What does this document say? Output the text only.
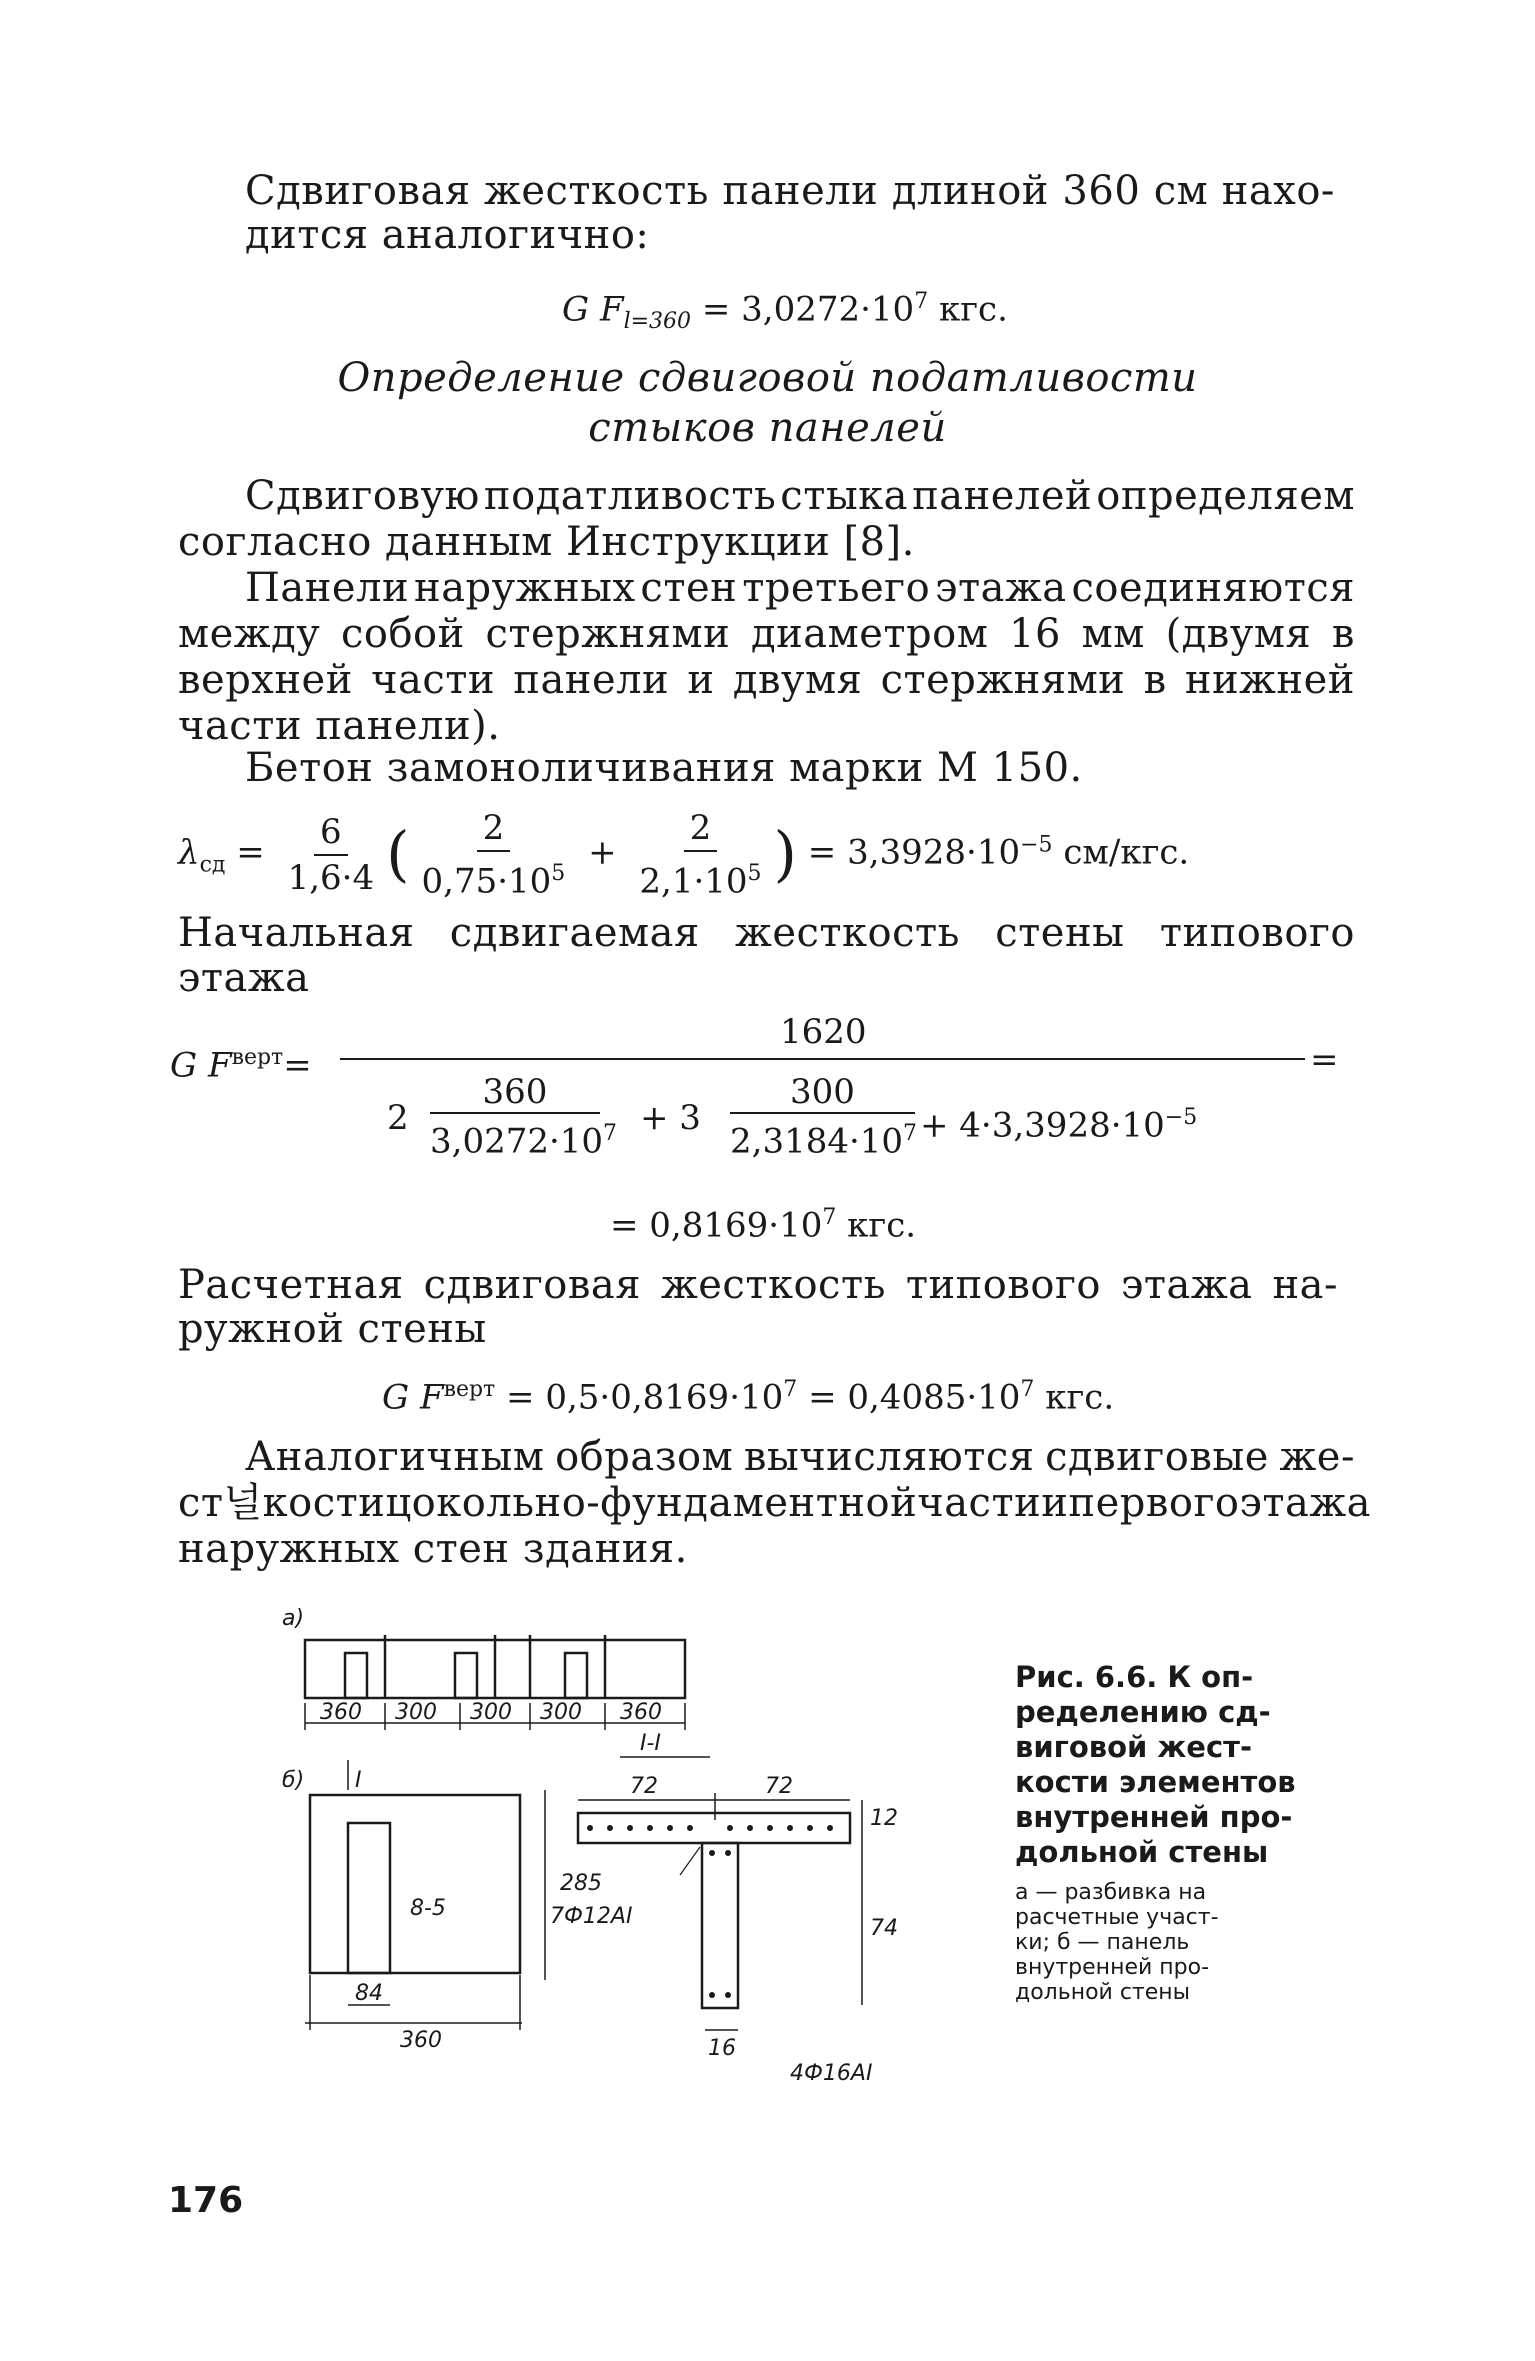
Сдвиговая жесткость панели длиной 360 см нахо-
дится аналогично:
G $F_{l=360} = 3,0272\cdot 10^7$ кгс.
Определение сдвиговой податливости
стыков панелей
Сдвиговую податливость стыка панелей определяем
согласно данным Инструкции [8].
Панели наружных стен третьего этажа соединяются
между собой стержнями диаметром 16 мм (двумя в
верхней части панели и двумя стержнями в нижней
части панели).
Бетон замоноличивания марки М 150.
$\lambda_{сд} = \frac{6}{1,6\cdot 4}$ ( $\frac{2}{0,75\cdot 10^5} + \frac{2}{2,1\cdot 10^5}$ ) = $3,3928\cdot 10^{-5}$ см/кгс.
Начальная сдвигаемая жесткость стены типового
этажа
G $F^{верт}=$
1620
=
2
360
$3,0272\cdot 10^7 + 3$
300
$2,3184\cdot 10^7 + 4\cdot 3,3928\cdot 10^{-5}$
= $0,8169\cdot 10^7$ кгс.
Расчетная сдвиговая жесткость типового этажа на-
ружной стены
G $F^{верт} = 0,5\cdot 0,8169\cdot 10^7 = 0,4085\cdot 10^7$ кгс.
Аналогичным образом вычисляются сдвиговые же-
ст널кости цокольно-фундаментной части и первого этажа
наружных стен здания.
а)
360 300 300 300 360
б) I
I-I
8-5
84
360
285
72	72
12
74
16
7Ф12АI
4Ф16АI
Рис. 6.6. К оп-
ределению сд-
виговой жест-
кости элементов
внутренней про-
дольной стены
а — разбивка на
расчетные участ-
ки; б — панель
внутренней про-
дольной стены
176
